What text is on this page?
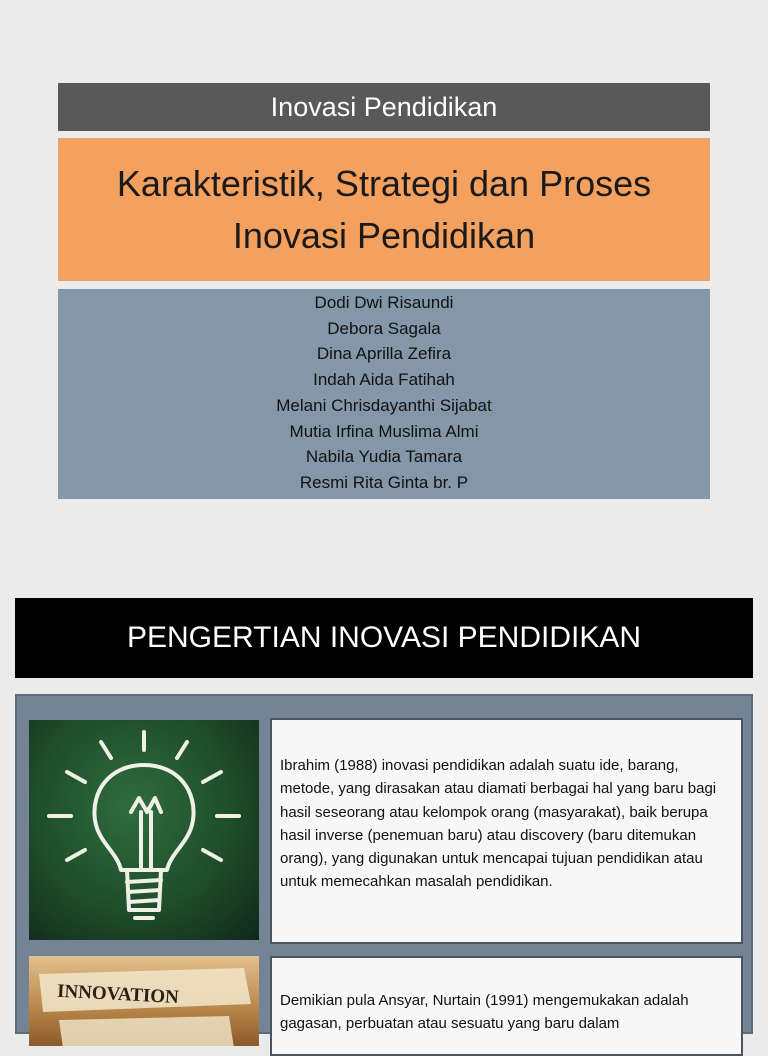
Inovasi Pendidikan
Karakteristik, Strategi dan Proses
Inovasi Pendidikan
Dodi Dwi Risaundi
Debora Sagala
Dina Aprilla Zefira
Indah Aida Fatihah
Melani Chrisdayanthi Sijabat
Mutia Irfina Muslima Almi
Nabila Yudia Tamara
Resmi Rita Ginta br. P
PENGERTIAN INOVASI PENDIDIKAN
Ibrahim (1988) inovasi pendidikan adalah suatu ide, barang, metode, yang dirasakan atau diamati berbagai hal yang baru bagi hasil seseorang atau kelompok orang (masyarakat), baik berupa hasil inverse (penemuan baru) atau discovery (baru ditemukan orang), yang digunakan untuk mencapai tujuan pendidikan atau untuk memecahkan masalah pendidikan.
INNOVATION	Demikian pula Ansyar, Nurtain (1991) mengemukakan adalah gagasan, perbuatan atau sesuatu yang baru dalam
